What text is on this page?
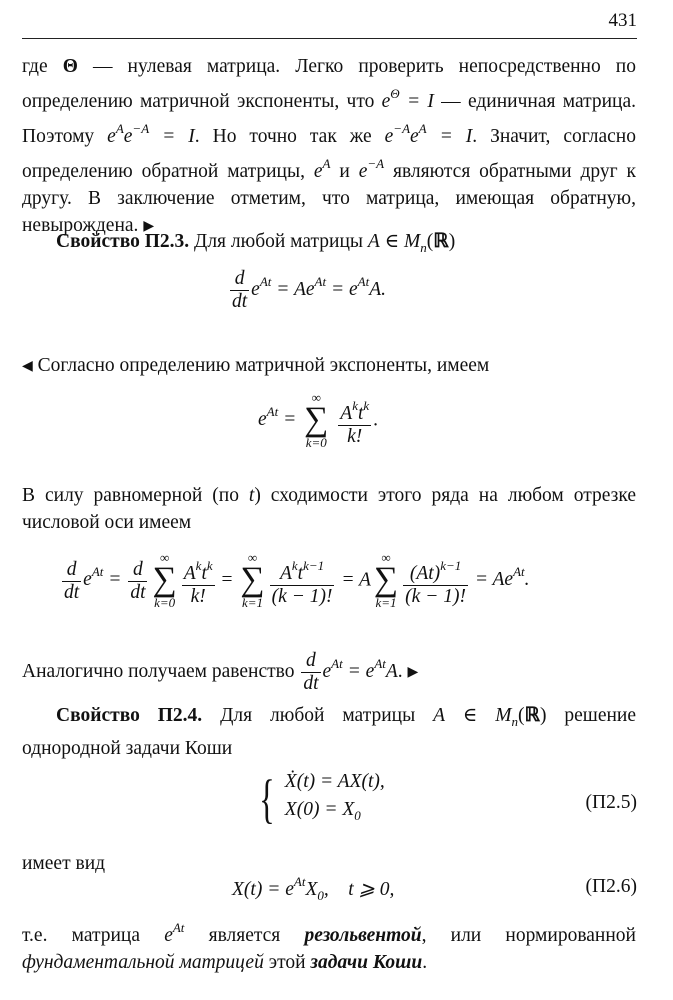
431
где Θ — нулевая матрица. Легко проверить непосредственно по определению матричной экспоненты, что $e^\Theta = I$ — единичная матрица. Поэтому $e^Ae^{-A} = I$. Но точно так же $e^{-A}e^A = I$. Значит, согласно определению обратной матрицы, $e^A$ и $e^{-A}$ являются обратными друг к другу. В заключение отметим, что матрица, имеющая обратную, невырождена. ▶
Свойство П2.3. Для любой матрицы A ∈ $M_n(ℝ)$
$\frac{d}{dt} e^{At} = Ae^{At} = e^{At}A$.
◀ Согласно определению матричной экспоненты, имеем
$e^{At}$ =
∞
∑
k=0
$\frac{A^kt^k}{k!}$ .
В силу равномерной (по t) сходимости этого ряда на любом отрезке числовой оси имеем
$\frac{d}{dt} e^{At} = \frac{d}{dt}$
∞
∑
$k=0 \frac{A^kt^k}{k!}$ =
∞
∑
$k=1 \frac{A^kt^{k-1}}{(k - 1)!} = A$
∞
∑
$k=1 \frac{(At)^{k-1}}{(k - 1)!} = Ae^{At}$.
Аналогично получаем равенство $\frac{d}{dt} e^{At} = e^{At}A$. ▶
Свойство П2.4. Для любой матрицы A ∈ $M_n(ℝ)$ решение
однородной задачи Коши
{ Ẋ(t) = AX(t),
$X(0) = X_0$
(П2.5)
имеет вид
$X(t) = e^{At}X_0$,    t ⩾ 0,	(П2.6)
т.е. матрица $e^{At}$ является резольвентой, или нормированной фундаментальной матрицей этой задачи Коши.
